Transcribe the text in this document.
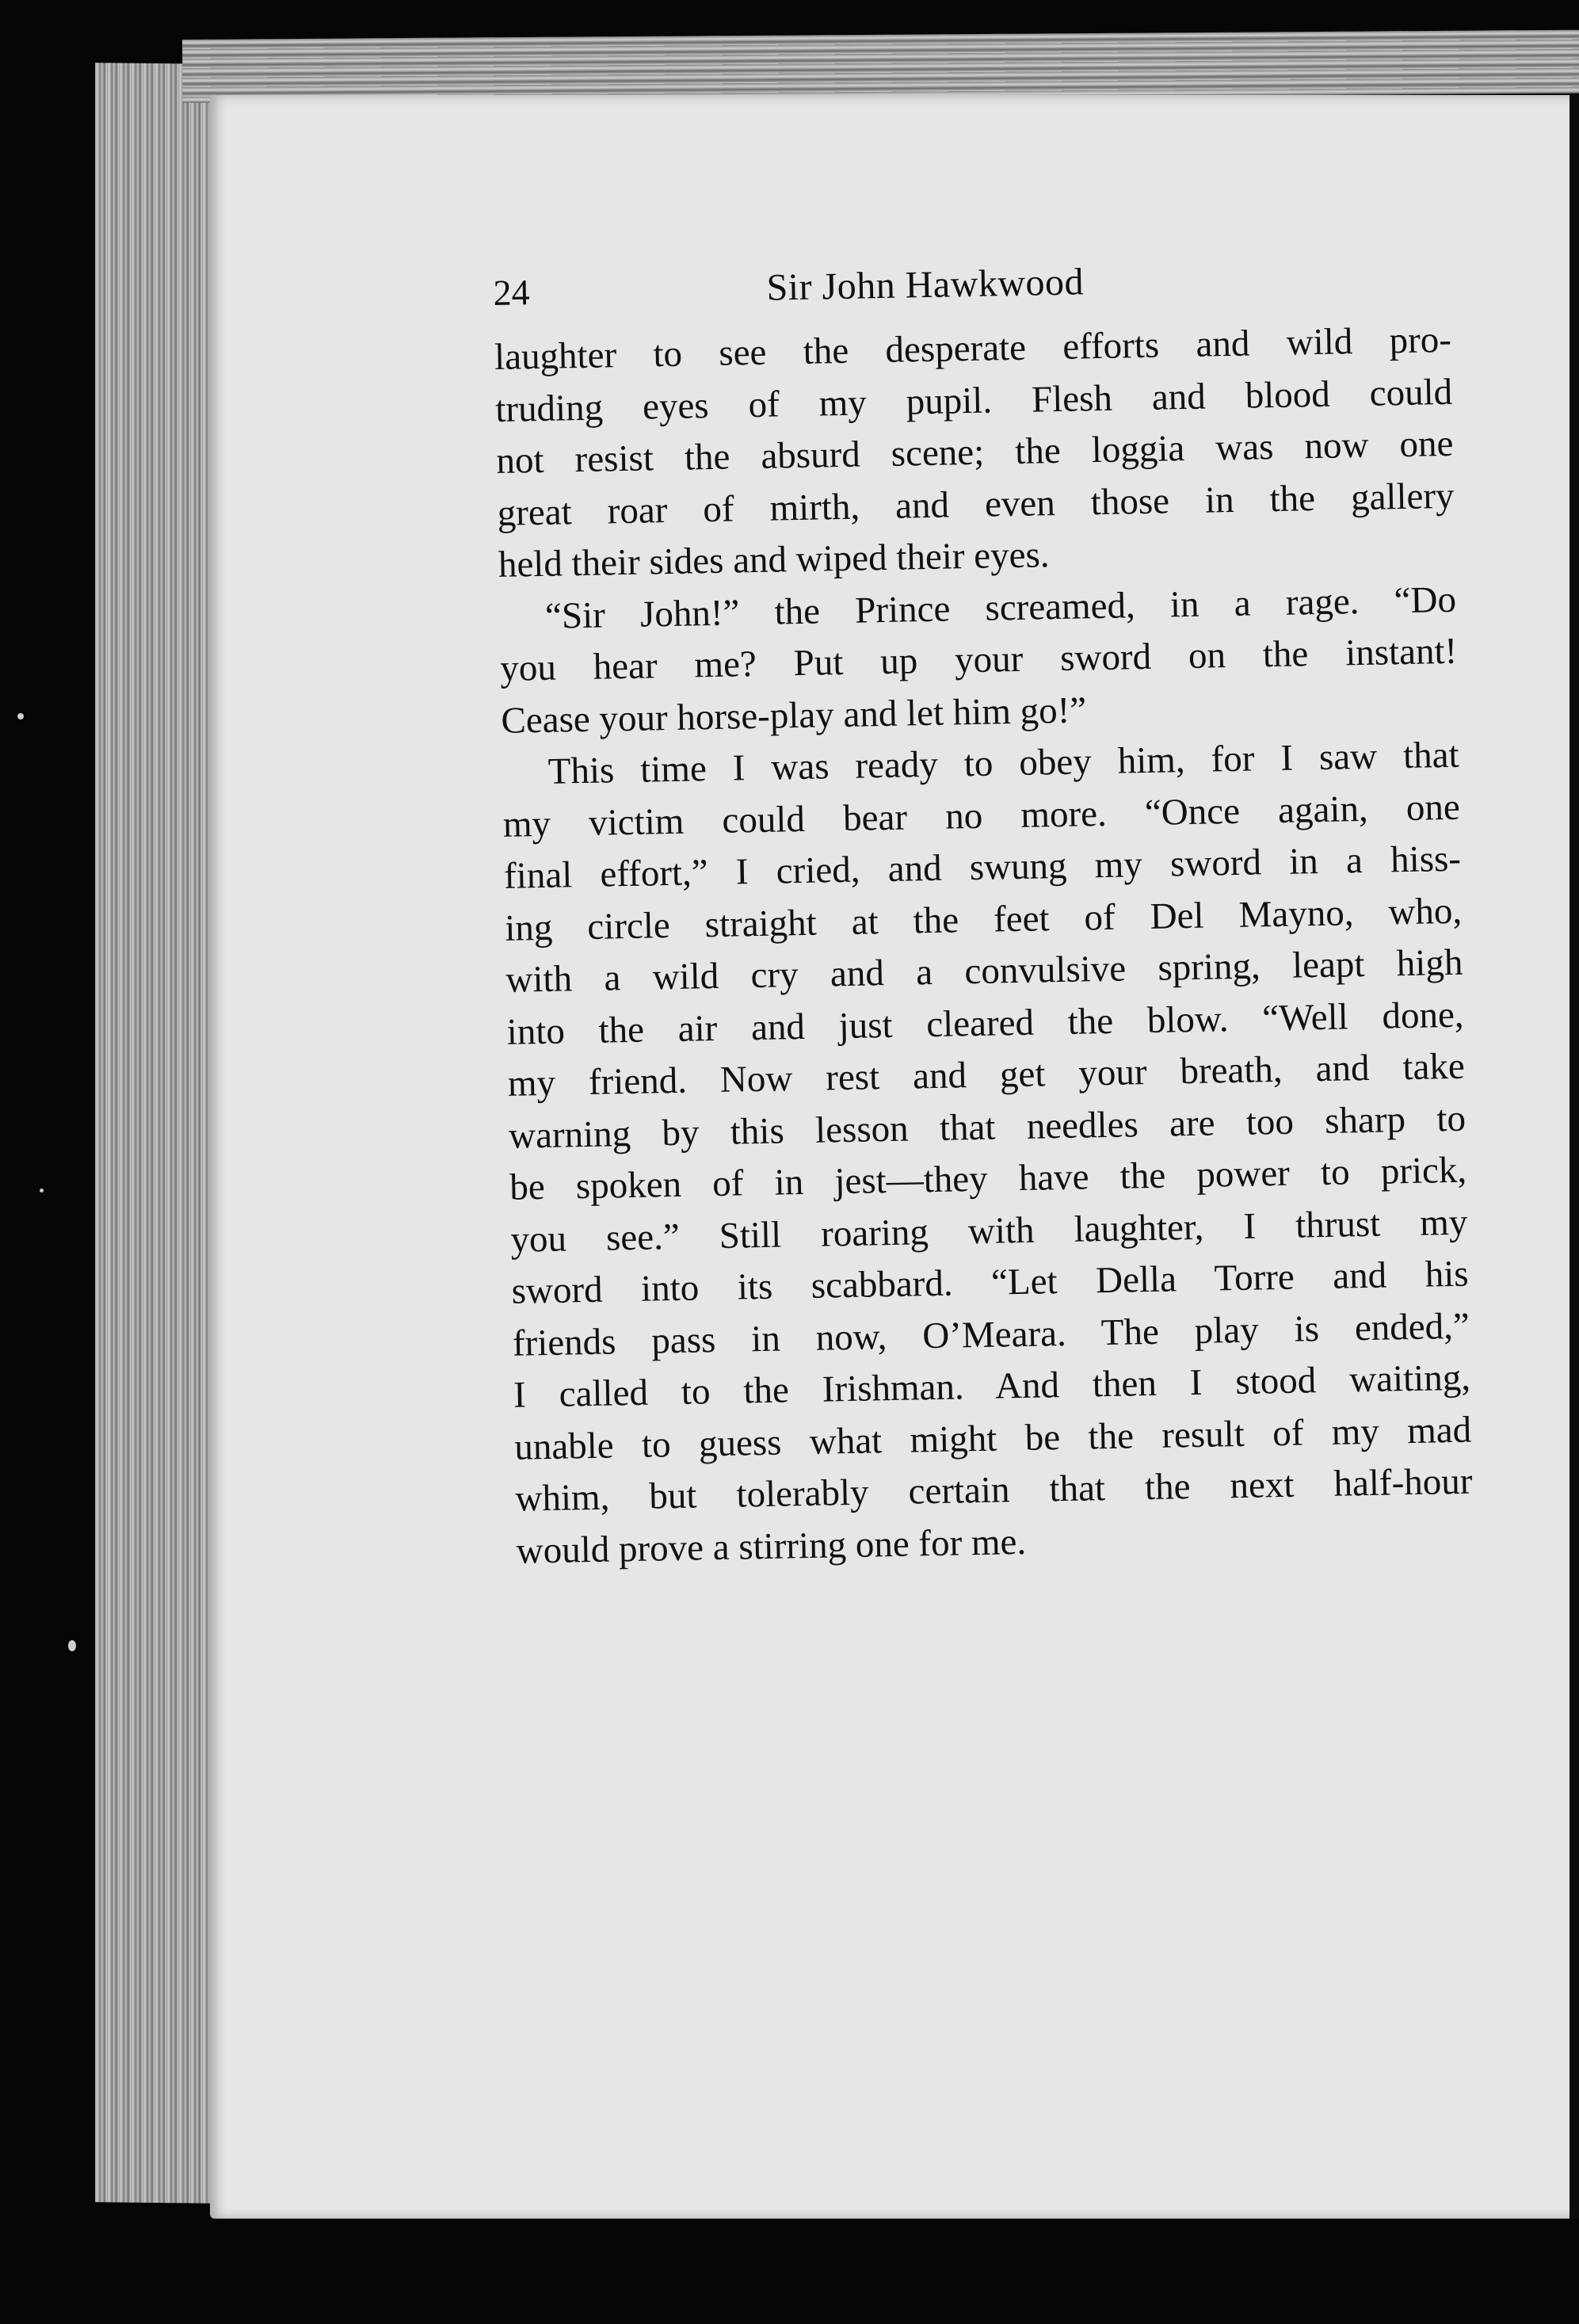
24	Sir John Hawkwood
laughter to see the desperate efforts and wild pro-
truding eyes of my pupil. Flesh and blood could
not resist the absurd scene; the loggia was now one
great roar of mirth, and even those in the gallery
held their sides and wiped their eyes.
“Sir John!” the Prince screamed, in a rage. “Do
you hear me? Put up your sword on the instant!
Cease your horse-play and let him go!”
This time I was ready to obey him, for I saw that
my victim could bear no more. “Once again, one
final effort,” I cried, and swung my sword in a hiss-
ing circle straight at the feet of Del Mayno, who,
with a wild cry and a convulsive spring, leapt high
into the air and just cleared the blow. “Well done,
my friend. Now rest and get your breath, and take
warning by this lesson that needles are too sharp to
be spoken of in jest—they have the power to prick,
you see.” Still roaring with laughter, I thrust my
sword into its scabbard. “Let Della Torre and his
friends pass in now, O’Meara. The play is ended,”
I called to the Irishman. And then I stood waiting,
unable to guess what might be the result of my mad
whim, but tolerably certain that the next half-hour
would prove a stirring one for me.
